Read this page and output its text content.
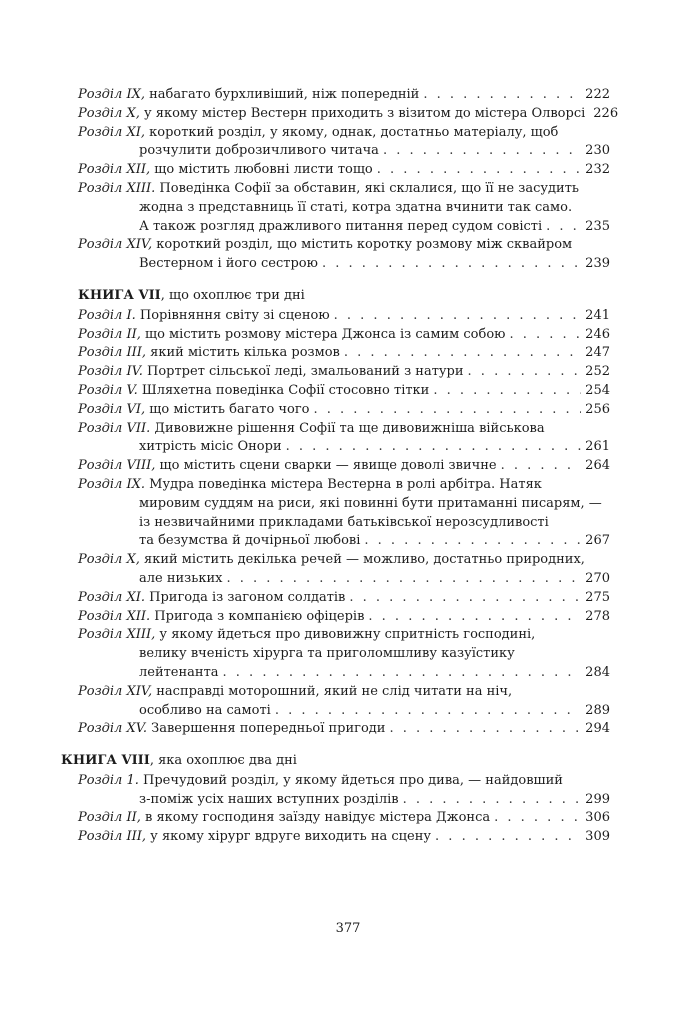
Розділ IX, набагато бурхливіший, ніж попередній . . .	222
Розділ X, у якому містер Вестерн приходить з візитом до містера Олворсі 226
Розділ XI, короткий розділ, у якому, однак, достатньо матеріалу, щоб
розчулити доброзичливого читача . . .	230
Розділ XII, що містить любовні листи тощо . . .	232
Розділ XIII. Поведінка Софії за обставин, які склалися, що її не засудить
жодна з представниць її статі, котра здатна вчинити так само.
А також розгляд дражливого питання перед судом совісті . . .	235
Розділ XIV, короткий розділ, що містить коротку розмову між сквайром
Вестерном і його сестрою . . .	239
КНИГА VII, що охоплює три дні
Розділ I. Порівняння світу зі сценою . . .	241
Розділ II, що містить розмову містера Джонса із самим собою . . .	246
Розділ III, який містить кілька розмов . . .	247
Розділ IV. Портрет сільської леді, змальований з натури . . .	252
Розділ V. Шляхетна поведінка Софії стосовно тітки . . .	254
Розділ VI, що містить багато чого . . .	256
Розділ VII. Дивовижне рішення Софії та ще дивовижніша військова
хитрість місіс Онори . . .	261
Розділ VIII, що містить сцени сварки — явище доволі звичне . . .	264
Розділ IX. Мудра поведінка містера Вестерна в ролі арбітра. Натяк
мировим суддям на риси, які повинні бути притаманні писарям, —
із незвичайними прикладами батьківської нерозсудливості
та безумства й дочірньої любові . . .	267
Розділ X, який містить декілька речей — можливо, достатньо природних,
але низьких . . .	270
Розділ XI. Пригода із загоном солдатів . . .	275
Розділ XII. Пригода з компанією офіцерів . . .	278
Розділ XIII, у якому йдеться про дивовижну спритність господині,
велику вченість хірурга та приголомшливу казуїстику
лейтенанта . . .	284
Розділ XIV, насправді моторошний, який не слід читати на ніч,
особливо на самоті . . .	289
Розділ XV. Завершення попередньої пригоди . . .	294
КНИГА VIII, яка охоплює два дні
Розділ 1. Пречудовий розділ, у якому йдеться про дива, — найдовший
з-поміж усіх наших вступних розділів . . .	299
Розділ II, в якому господиня заїзду навідує містера Джонса . . .	306
Розділ III, у якому хірург вдруге виходить на сцену . . .	309
377
